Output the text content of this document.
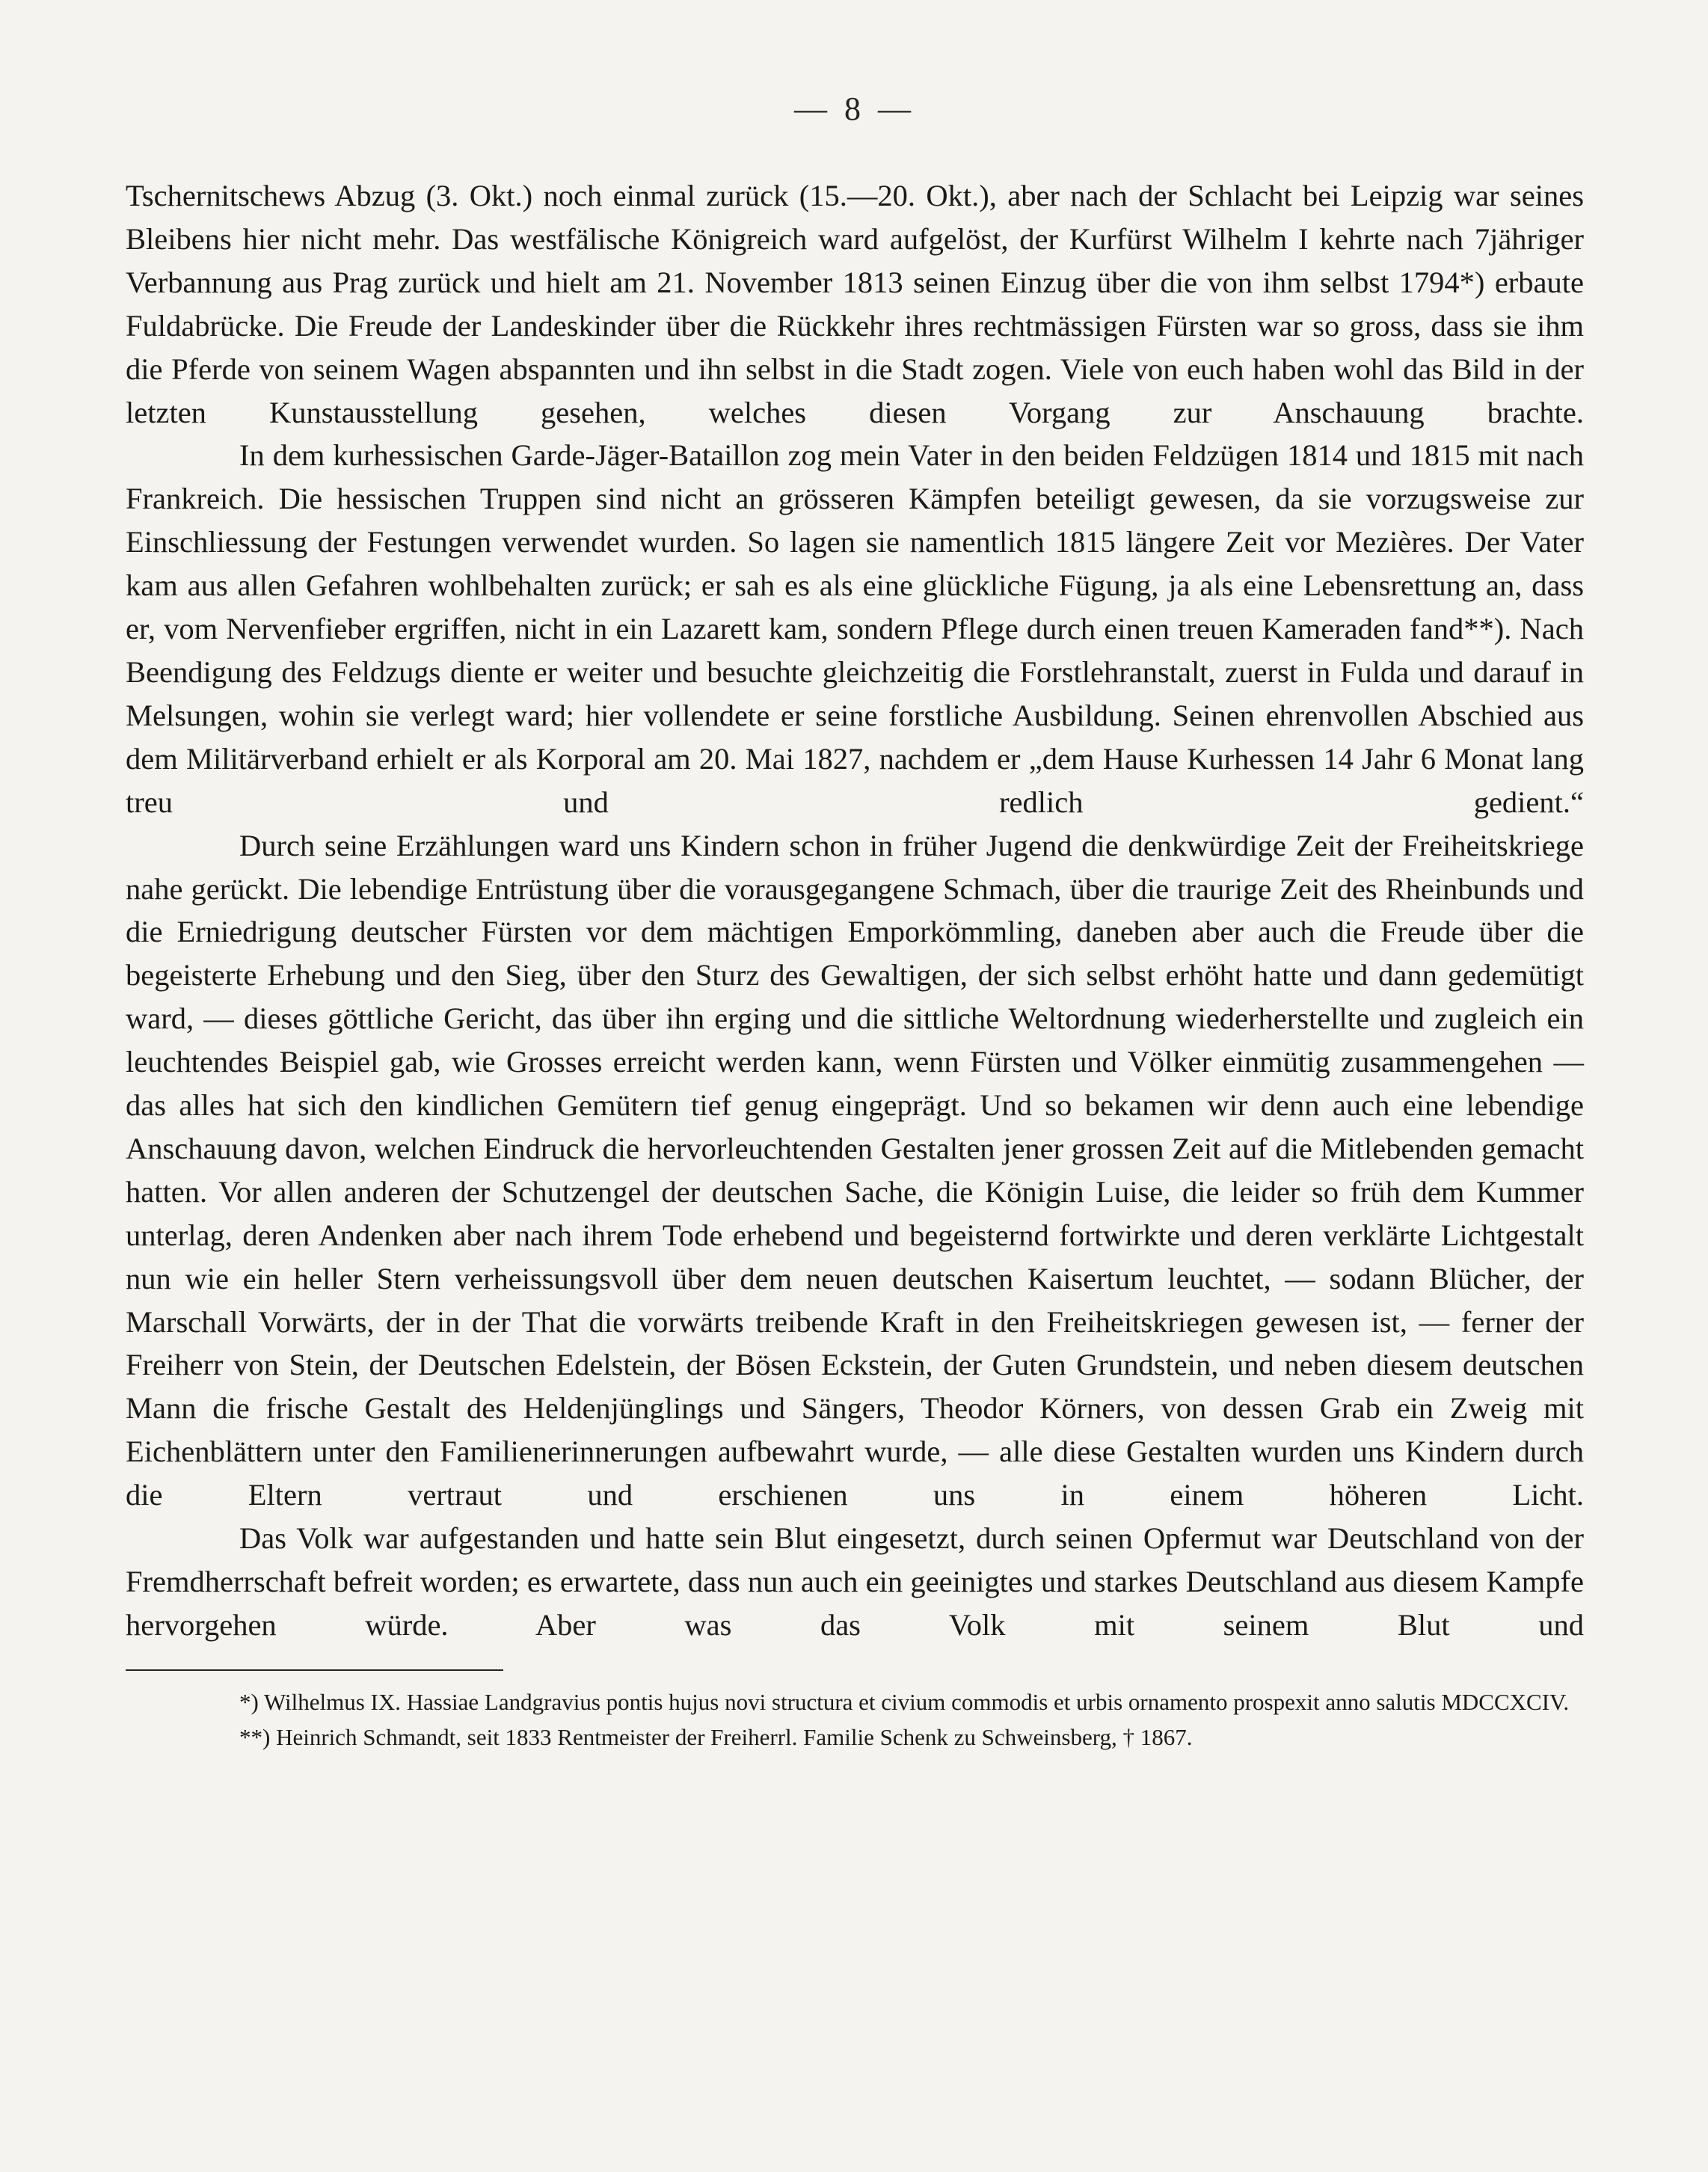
— 8 —

Tschernitschews Abzug (3. Okt.) noch einmal zurück (15.—20. Okt.), aber nach der Schlacht bei Leipzig war seines Bleibens hier nicht mehr. Das westfälische Königreich ward aufgelöst, der Kurfürst Wilhelm I kehrte nach 7jähriger Verbannung aus Prag zurück und hielt am 21. November 1813 seinen Einzug über die von ihm selbst 1794*) erbaute Fuldabrücke. Die Freude der Landeskinder über die Rückkehr ihres rechtmässigen Fürsten war so gross, dass sie ihm die Pferde von seinem Wagen abspannten und ihn selbst in die Stadt zogen. Viele von euch haben wohl das Bild in der letzten Kunstausstellung gesehen, welches diesen Vorgang zur Anschauung brachte.

In dem kurhessischen Garde-Jäger-Bataillon zog mein Vater in den beiden Feldzügen 1814 und 1815 mit nach Frankreich. Die hessischen Truppen sind nicht an grösseren Kämpfen beteiligt gewesen, da sie vorzugsweise zur Einschliessung der Festungen verwendet wurden. So lagen sie namentlich 1815 längere Zeit vor Mezières. Der Vater kam aus allen Gefahren wohlbehalten zurück; er sah es als eine glückliche Fügung, ja als eine Lebensrettung an, dass er, vom Nervenfieber ergriffen, nicht in ein Lazarett kam, sondern Pflege durch einen treuen Kameraden fand**). Nach Beendigung des Feldzugs diente er weiter und besuchte gleichzeitig die Forstlehranstalt, zuerst in Fulda und darauf in Melsungen, wohin sie verlegt ward; hier vollendete er seine forstliche Ausbildung. Seinen ehrenvollen Abschied aus dem Militärverband erhielt er als Korporal am 20. Mai 1827, nachdem er „dem Hause Kurhessen 14 Jahr 6 Monat lang treu und redlich gedient.“

Durch seine Erzählungen ward uns Kindern schon in früher Jugend die denkwürdige Zeit der Freiheitskriege nahe gerückt. Die lebendige Entrüstung über die vorausgegangene Schmach, über die traurige Zeit des Rheinbunds und die Erniedrigung deutscher Fürsten vor dem mächtigen Emporkömmling, daneben aber auch die Freude über die begeisterte Erhebung und den Sieg, über den Sturz des Gewaltigen, der sich selbst erhöht hatte und dann gedemütigt ward, — dieses göttliche Gericht, das über ihn erging und die sittliche Weltordnung wiederherstellte und zugleich ein leuchtendes Beispiel gab, wie Grosses erreicht werden kann, wenn Fürsten und Völker einmütig zusammengehen — das alles hat sich den kindlichen Gemütern tief genug eingeprägt. Und so bekamen wir denn auch eine lebendige Anschauung davon, welchen Eindruck die hervorleuchtenden Gestalten jener grossen Zeit auf die Mitlebenden gemacht hatten. Vor allen anderen der Schutzengel der deutschen Sache, die Königin Luise, die leider so früh dem Kummer unterlag, deren Andenken aber nach ihrem Tode erhebend und begeisternd fortwirkte und deren verklärte Lichtgestalt nun wie ein heller Stern verheissungsvoll über dem neuen deutschen Kaisertum leuchtet, — sodann Blücher, der Marschall Vorwärts, der in der That die vorwärts treibende Kraft in den Freiheitskriegen gewesen ist, — ferner der Freiherr von Stein, der Deutschen Edelstein, der Bösen Eckstein, der Guten Grundstein, und neben diesem deutschen Mann die frische Gestalt des Heldenjünglings und Sängers, Theodor Körners, von dessen Grab ein Zweig mit Eichenblättern unter den Familienerinnerungen aufbewahrt wurde, — alle diese Gestalten wurden uns Kindern durch die Eltern vertraut und erschienen uns in einem höheren Licht.

Das Volk war aufgestanden und hatte sein Blut eingesetzt, durch seinen Opfermut war Deutschland von der Fremdherrschaft befreit worden; es erwartete, dass nun auch ein geeinigtes und starkes Deutschland aus diesem Kampfe hervorgehen würde. Aber was das Volk mit seinem Blut und

*) Wilhelmus IX. Hassiae Landgravius pontis hujus novi structura et civium commodis et urbis ornamento prospexit anno salutis MDCCXCIV.

**) Heinrich Schmandt, seit 1833 Rentmeister der Freiherrl. Familie Schenk zu Schweinsberg, † 1867.
